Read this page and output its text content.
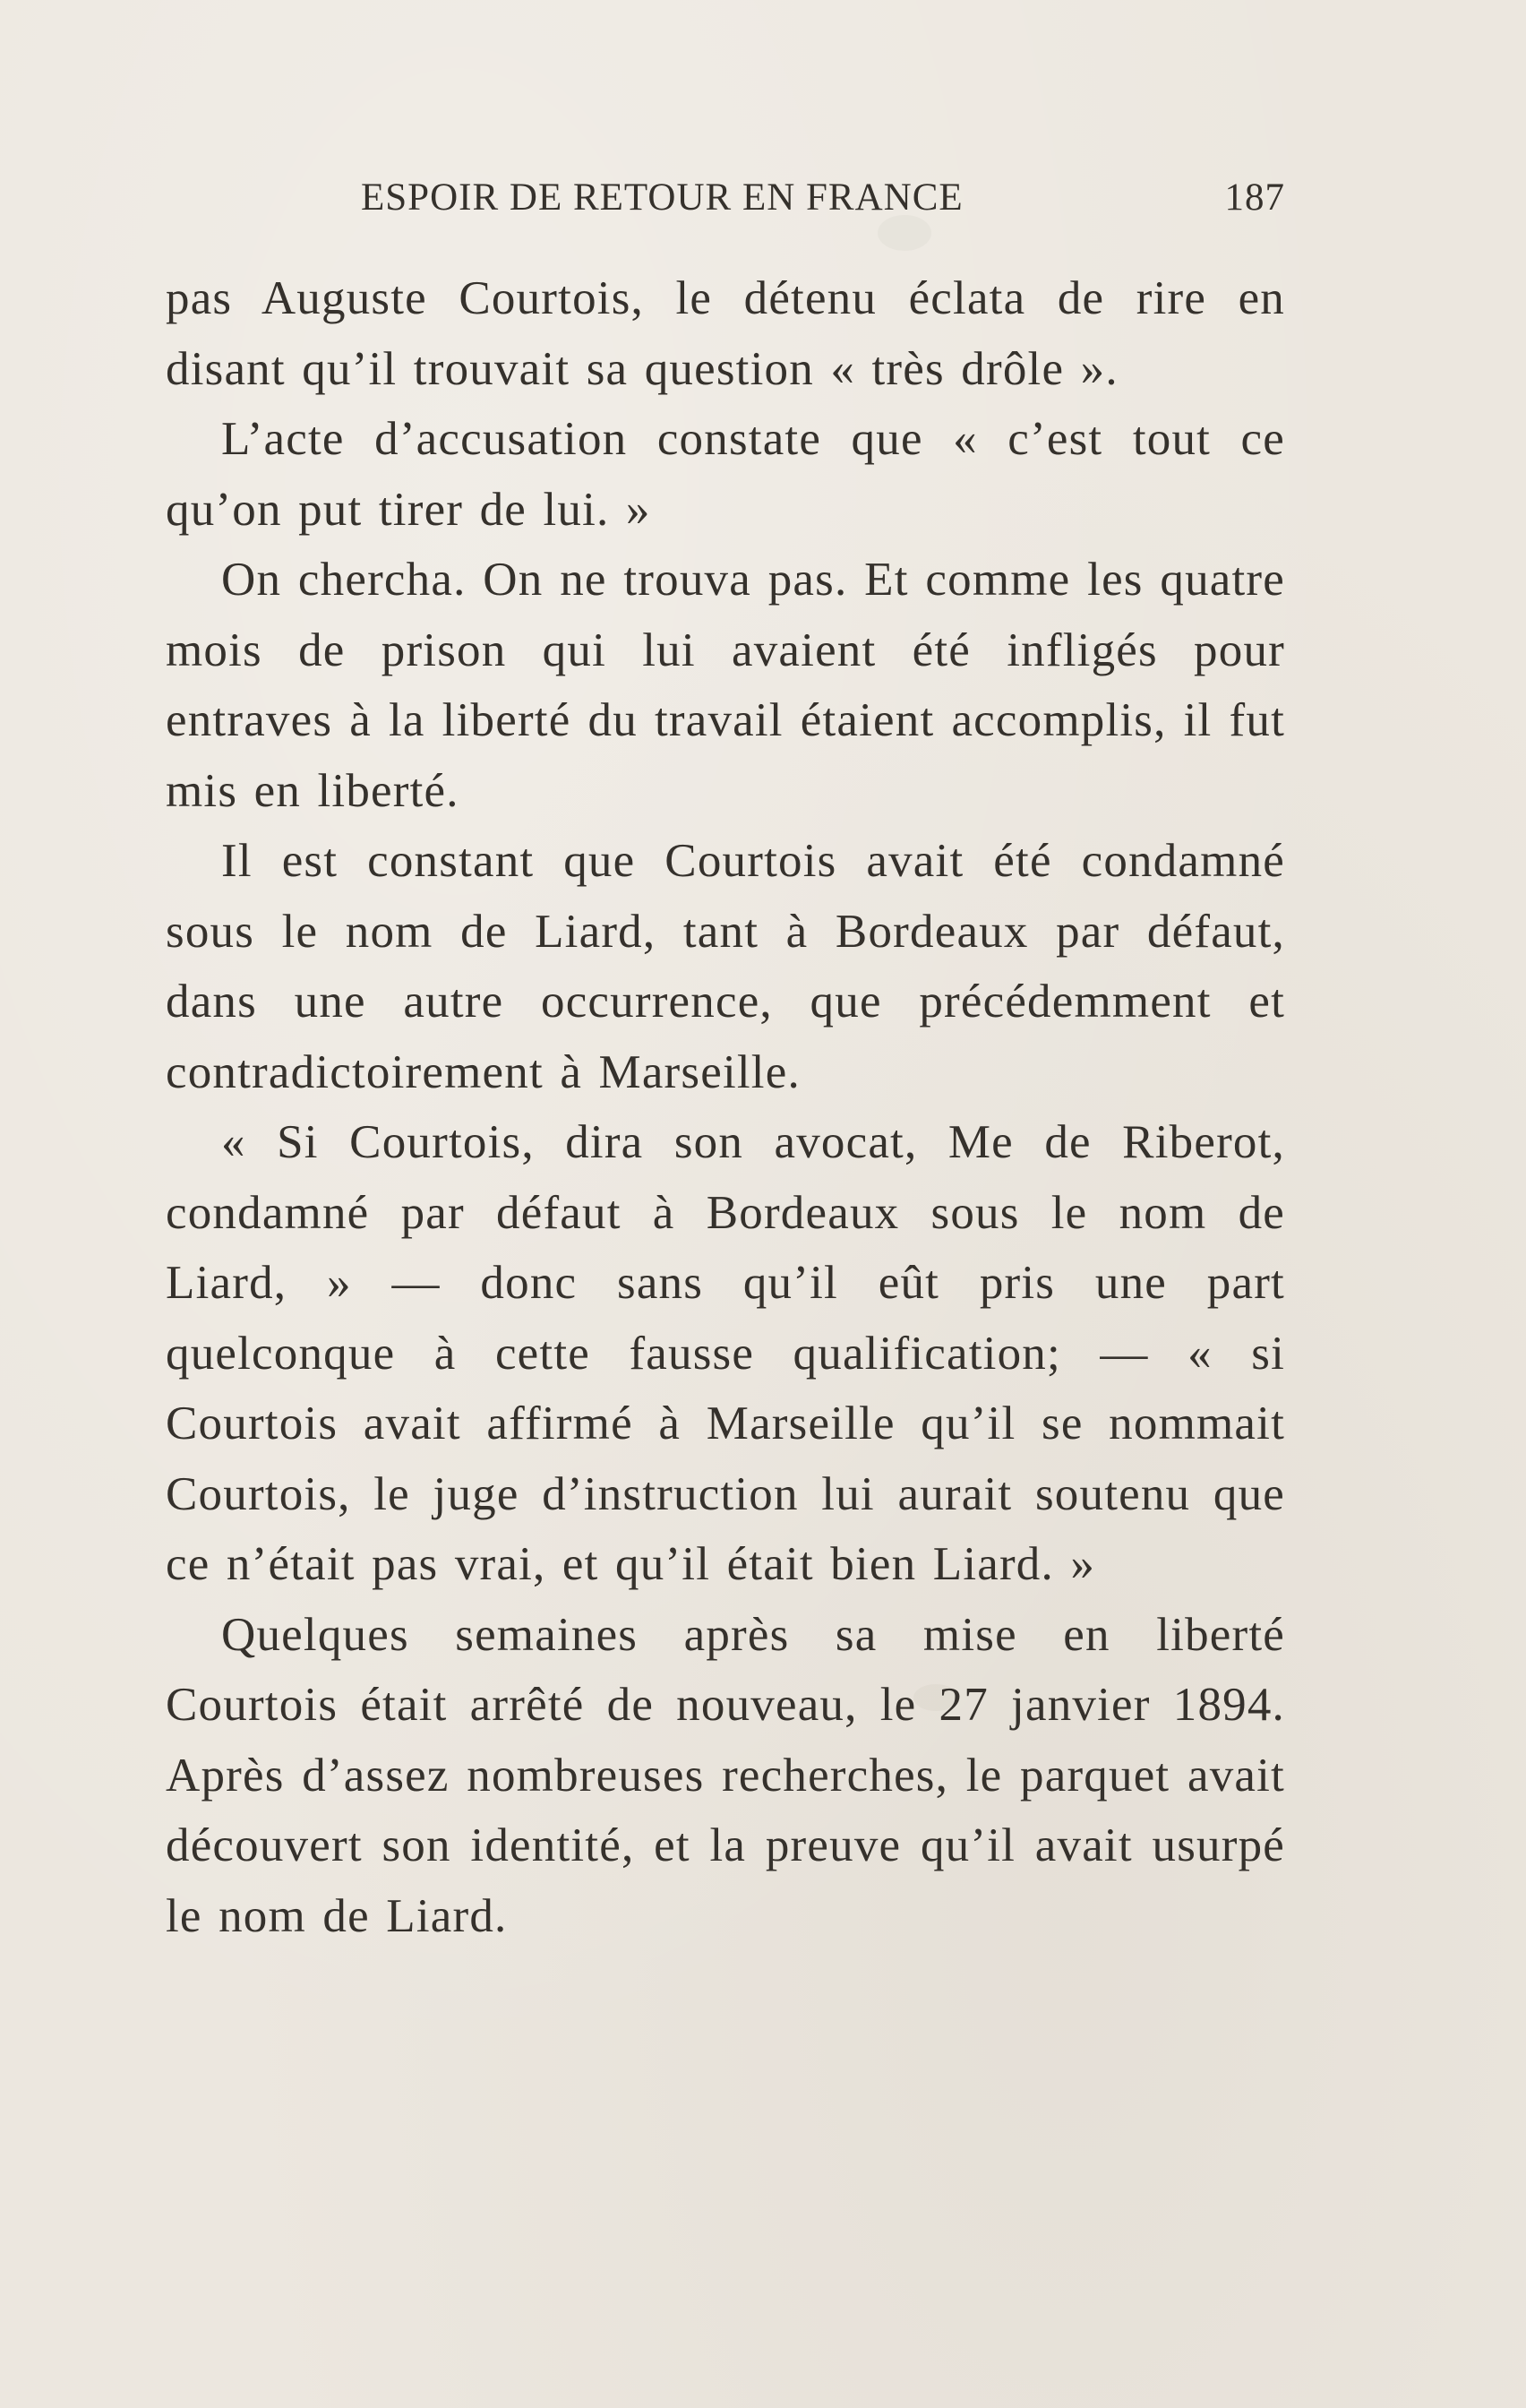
ESPOIR DE RETOUR EN FRANCE	187

pas Auguste Courtois, le détenu éclata de rire en disant qu’il trouvait sa question « très drôle ».

L’acte d’accusation constate que « c’est tout ce qu’on put tirer de lui. »

On chercha. On ne trouva pas. Et comme les quatre mois de prison qui lui avaient été infligés pour entraves à la liberté du travail étaient accomplis, il fut mis en liberté.

Il est constant que Courtois avait été condamné sous le nom de Liard, tant à Bordeaux par défaut, dans une autre occurrence, que précédemment et contradictoirement à Marseille.

« Si Courtois, dira son avocat, Me de Riberot, condamné par défaut à Bordeaux sous le nom de Liard, » — donc sans qu’il eût pris une part quelconque à cette fausse qualification; — « si Courtois avait affirmé à Marseille qu’il se nommait Courtois, le juge d’instruction lui aurait soutenu que ce n’était pas vrai, et qu’il était bien Liard. »

Quelques semaines après sa mise en liberté Courtois était arrêté de nouveau, le 27 janvier 1894. Après d’assez nombreuses recherches, le parquet avait découvert son identité, et la preuve qu’il avait usurpé le nom de Liard.
